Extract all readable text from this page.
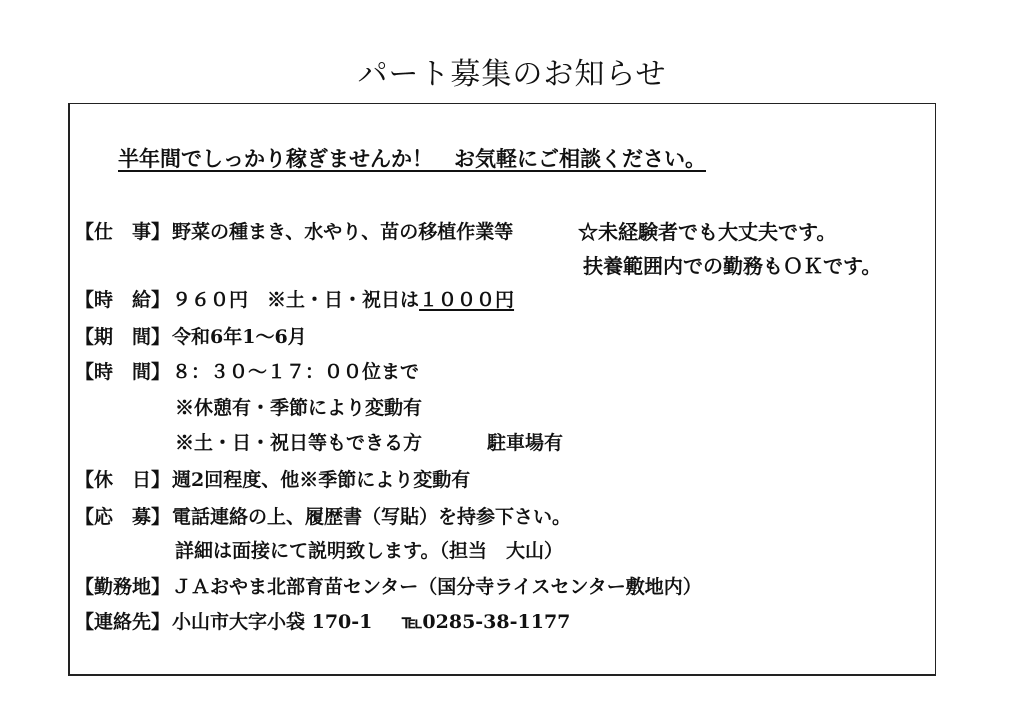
パート募集のお知らせ
半年間でしっかり稼ぎませんか！　お気軽にご相談ください。
【仕　事】 野菜の種まき、水やり、苗の移植作業等	☆未経験者でも大丈夫です。
扶養範囲内での勤務もＯＫです。
【時　給】 ９６０円 ※土・日・祝日は１０００円
【期　間】 令和6年1～6月
【時　間】 ８：３０～１７：００位まで
※休憩有・季節により変動有
※土・日・祝日等もできる方	駐車場有
【休　日】 週2回程度、他※季節により変動有
【応　募】 電話連絡の上、履歴書（写貼）を持参下さい。
詳細は面接にて説明致します。（担当　大山）
【勤務地】 ＪＡおやま北部育苗センター（国分寺ライスセンター敷地内）
【連絡先】 小山市大字小袋 170-1 ℡0285-38-1177
